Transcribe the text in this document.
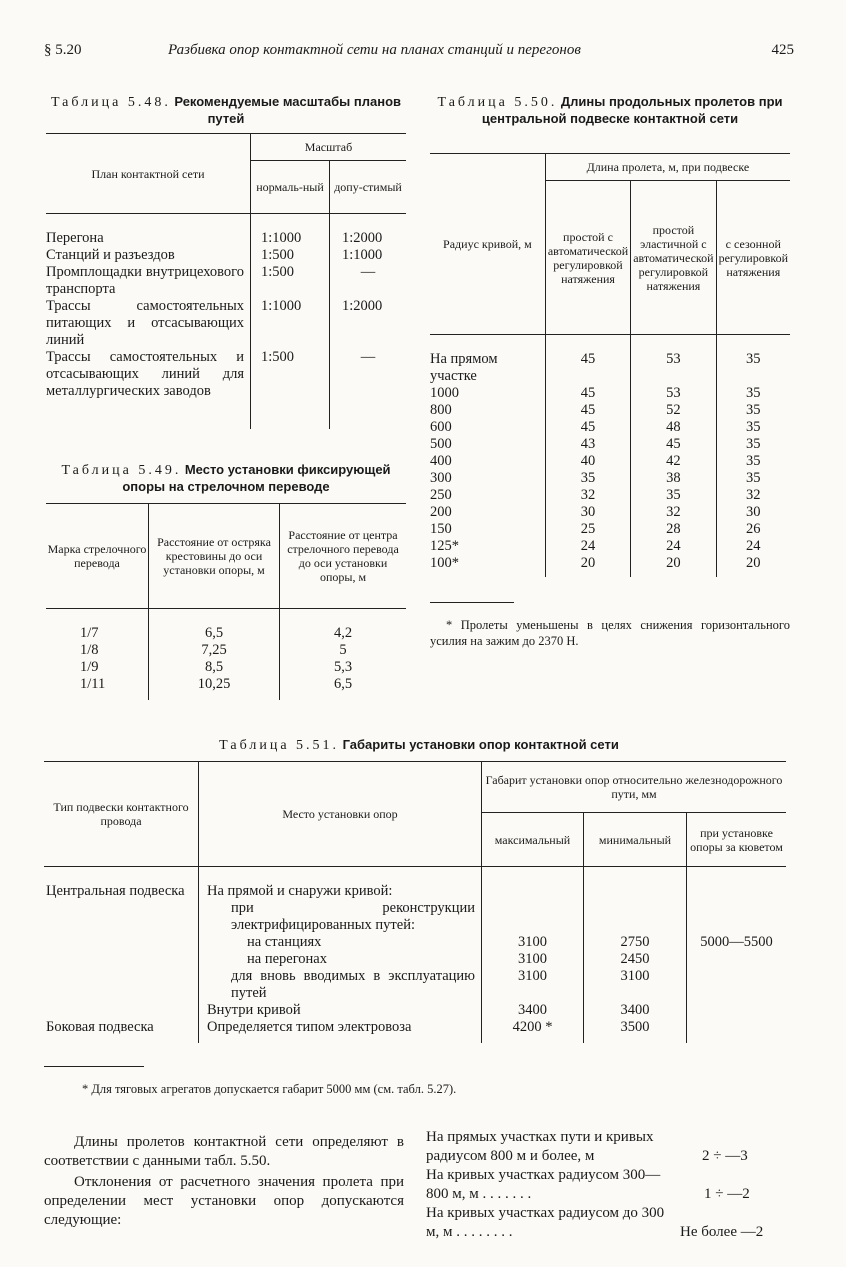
§ 5.20	Разбивка опор контактной сети на планах станций и перегонов	425
Таблица 5.48. Рекомендуемые масштабы планов путей
План контактной сети	Масштаб	
	нормаль-ный	допу-стимый

Перегона	1:1000	1:2000
Станций и разъездов	1:500	1:1000
Промплощадки внутрицехового транспорта	1:500	—
Трассы самостоятельных питающих и отсасывающих линий	1:1000	1:2000
Трассы самостоятельных и отсасывающих линий для металлургических заводов	1:500	—
Таблица 5.49. Место установки фиксирующей опоры на стрелочном переводе
Марка стрелочного перевода	Расстояние от остряка крестовины до оси установки опоры, м	Расстояние от центра стрелочного перевода до оси установки опоры, м

1/7	6,5	4,2
1/8	7,25	5
1/9	8,5	5,3
1/11	10,25	6,5
Таблица 5.50. Длины продольных пролетов при центральной подвеске контактной сети
Радиус кривой, м	Длина пролета, м, при подвеске		
	простой с автоматической регулировкой натяжения	простой эластичной с автоматической регулировкой натяжения	с сезонной регулировкой натяжения

На прямом участке	45	53	35
1000	45	53	35
800	45	52	35
600	45	48	35
500	43	45	35
400	40	42	35
300	35	38	35
250	32	35	32
200	30	32	30
150	25	28	26
125*	24	24	24
100*	20	20	20
* Пролеты уменьшены в целях снижения горизонтального усилия на зажим до 2370 Н.
Таблица 5.51. Габариты установки опор контактной сети
Тип подвески контактного провода	Место установки опор	Габарит установки опор относительно железнодорожного пути, мм		
		максимальный	минимальный	при установке опоры за кюветом

Центральная подвеска	На прямой и снаружи кривой:			
	при реконструкции электрифицированных путей:			
	на станциях	3100	2750	5000—5500
	на перегонах	3100	2450	
	для вновь вводимых в эксплуатацию путей	3100	3100	
	Внутри кривой	3400	3400	
Боковая подвеска	Определяется типом электровоза	4200 *	3500	
* Для тяговых агрегатов допускается габарит 5000 мм (см. табл. 5.27).
Длины пролетов контактной сети определяют в соответствии с данными табл. 5.50.
Отклонения от расчетного значения пролета при определении мест установки опор допускаются следующие:
На прямых участках пути и кривых радиусом 800 м и более, м	2 ÷ —3
На кривых участках радиусом 300—800 м, м . . . . . . .	1 ÷ —2
На кривых участках радиусом до 300 м, м . . . . . . . .	Не более —2
